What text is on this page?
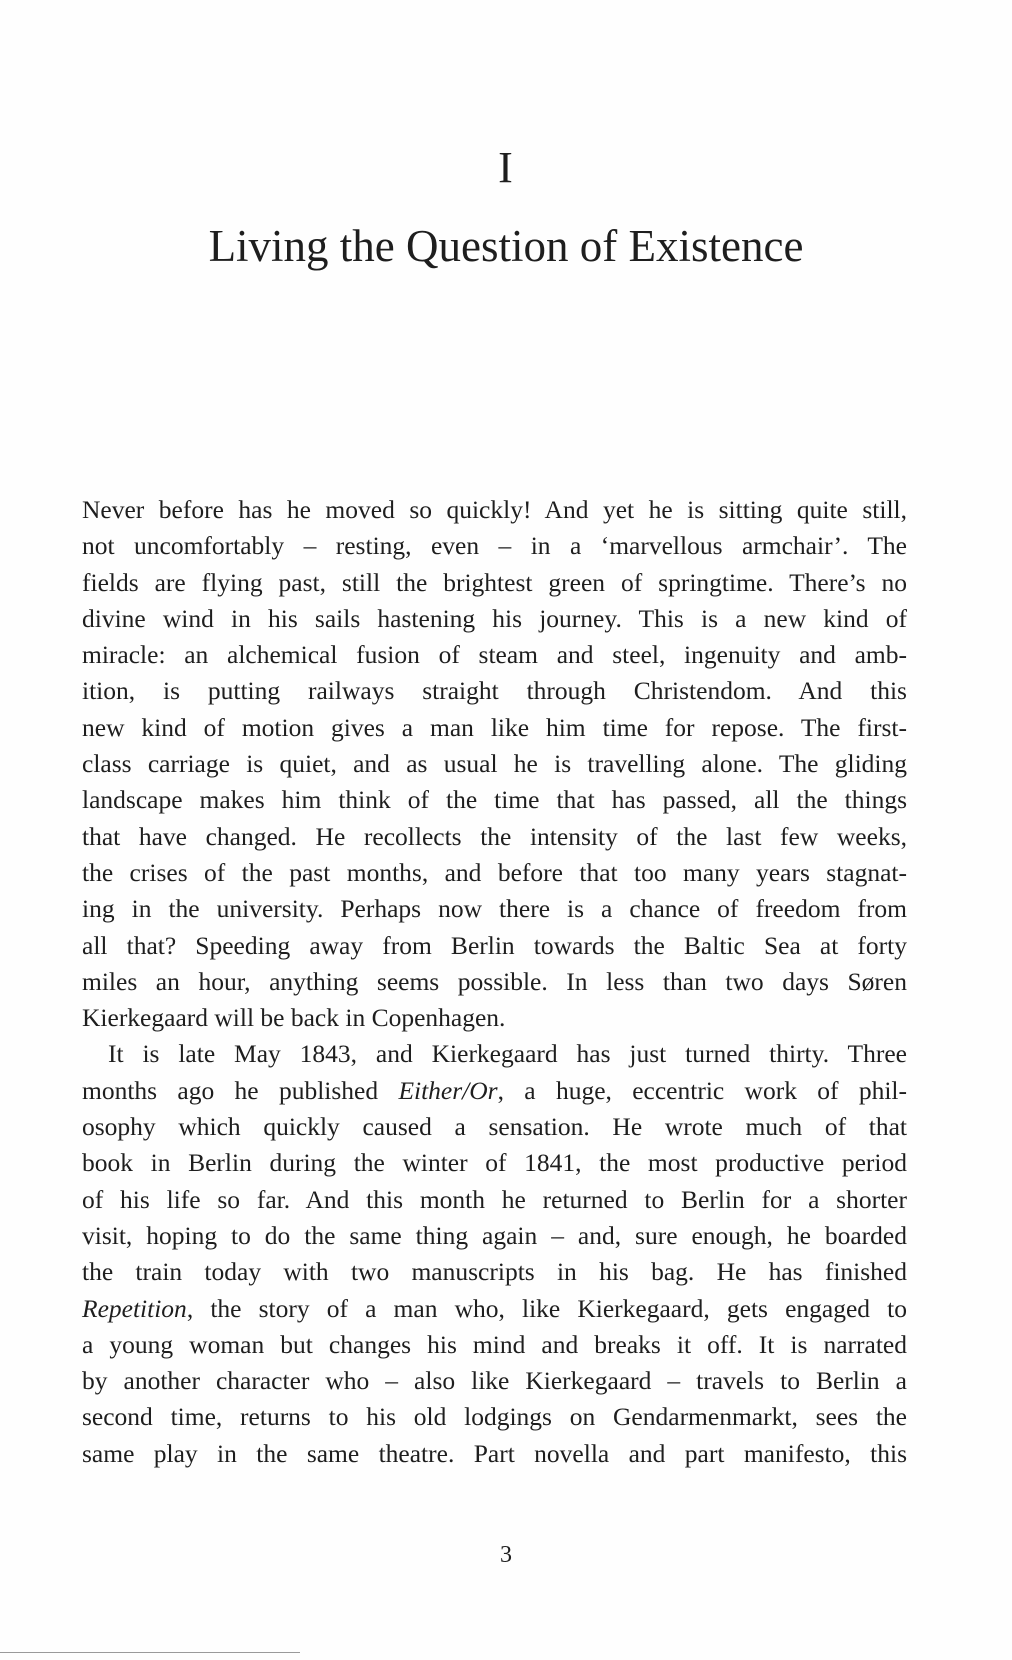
I
Living the Question of Existence
Never before has he moved so quickly! And yet he is sitting quite still,
not uncomfortably – resting, even – in a ‘marvellous armchair’. The
fields are flying past, still the brightest green of springtime. There’s no
divine wind in his sails hastening his journey. This is a new kind of
miracle: an alchemical fusion of steam and steel, ingenuity and amb-
ition, is putting railways straight through Christendom. And this
new kind of motion gives a man like him time for repose. The first-
class carriage is quiet, and as usual he is travelling alone. The gliding
landscape makes him think of the time that has passed, all the things
that have changed. He recollects the intensity of the last few weeks,
the crises of the past months, and before that too many years stagnat-
ing in the university. Perhaps now there is a chance of freedom from
all that? Speeding away from Berlin towards the Baltic Sea at forty
miles an hour, anything seems possible. In less than two days Søren
Kierkegaard will be back in Copenhagen.
It is late May 1843, and Kierkegaard has just turned thirty. Three
months ago he published Either/Or, a huge, eccentric work of phil-
osophy which quickly caused a sensation. He wrote much of that
book in Berlin during the winter of 1841, the most productive period
of his life so far. And this month he returned to Berlin for a shorter
visit, hoping to do the same thing again – and, sure enough, he boarded
the train today with two manuscripts in his bag. He has finished
Repetition, the story of a man who, like Kierkegaard, gets engaged to
a young woman but changes his mind and breaks it off. It is narrated
by another character who – also like Kierkegaard – travels to Berlin a
second time, returns to his old lodgings on Gendarmenmarkt, sees the
same play in the same theatre. Part novella and part manifesto, this
3
